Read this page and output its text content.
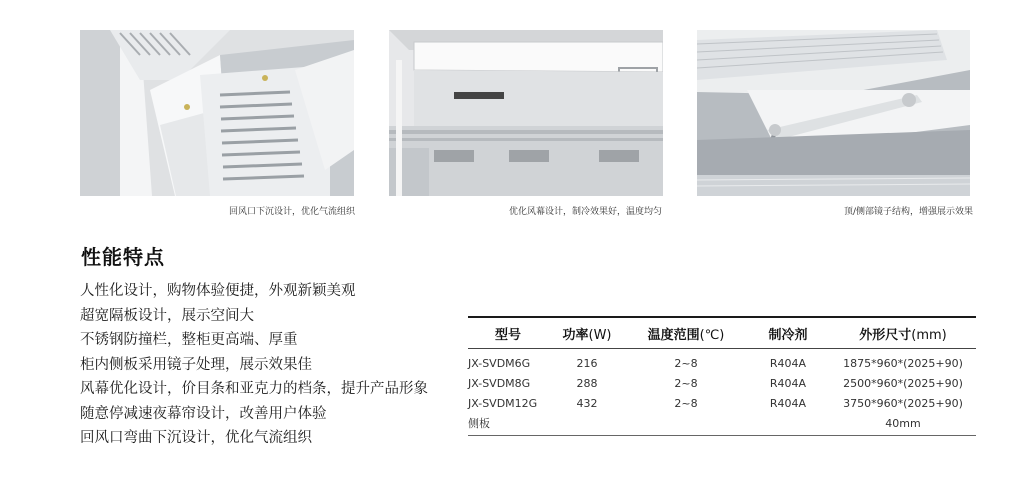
回风口下沉设计，优化气流组织	优化风幕设计，制冷效果好，温度均匀	顶/侧部镜子结构，增强展示效果
性能特点
人性化设计，购物体验便捷，外观新颖美观
超宽隔板设计，展示空间大
不锈钢防撞栏，整柜更高端、厚重
柜内侧板采用镜子处理，展示效果佳
风幕优化设计，价目条和亚克力的档条，提升产品形象
随意停减速夜幕帘设计，改善用户体验
回风口弯曲下沉设计，优化气流组织
型号	功率(W)	温度范围(℃)	制冷剂	外形尺寸(mm)
JX-SVDM6G	216	2~8	R404A	1875*960*(2025+90)
JX-SVDM8G	288	2~8	R404A	2500*960*(2025+90)
JX-SVDM12G	432	2~8	R404A	3750*960*(2025+90)
侧板				40mm
